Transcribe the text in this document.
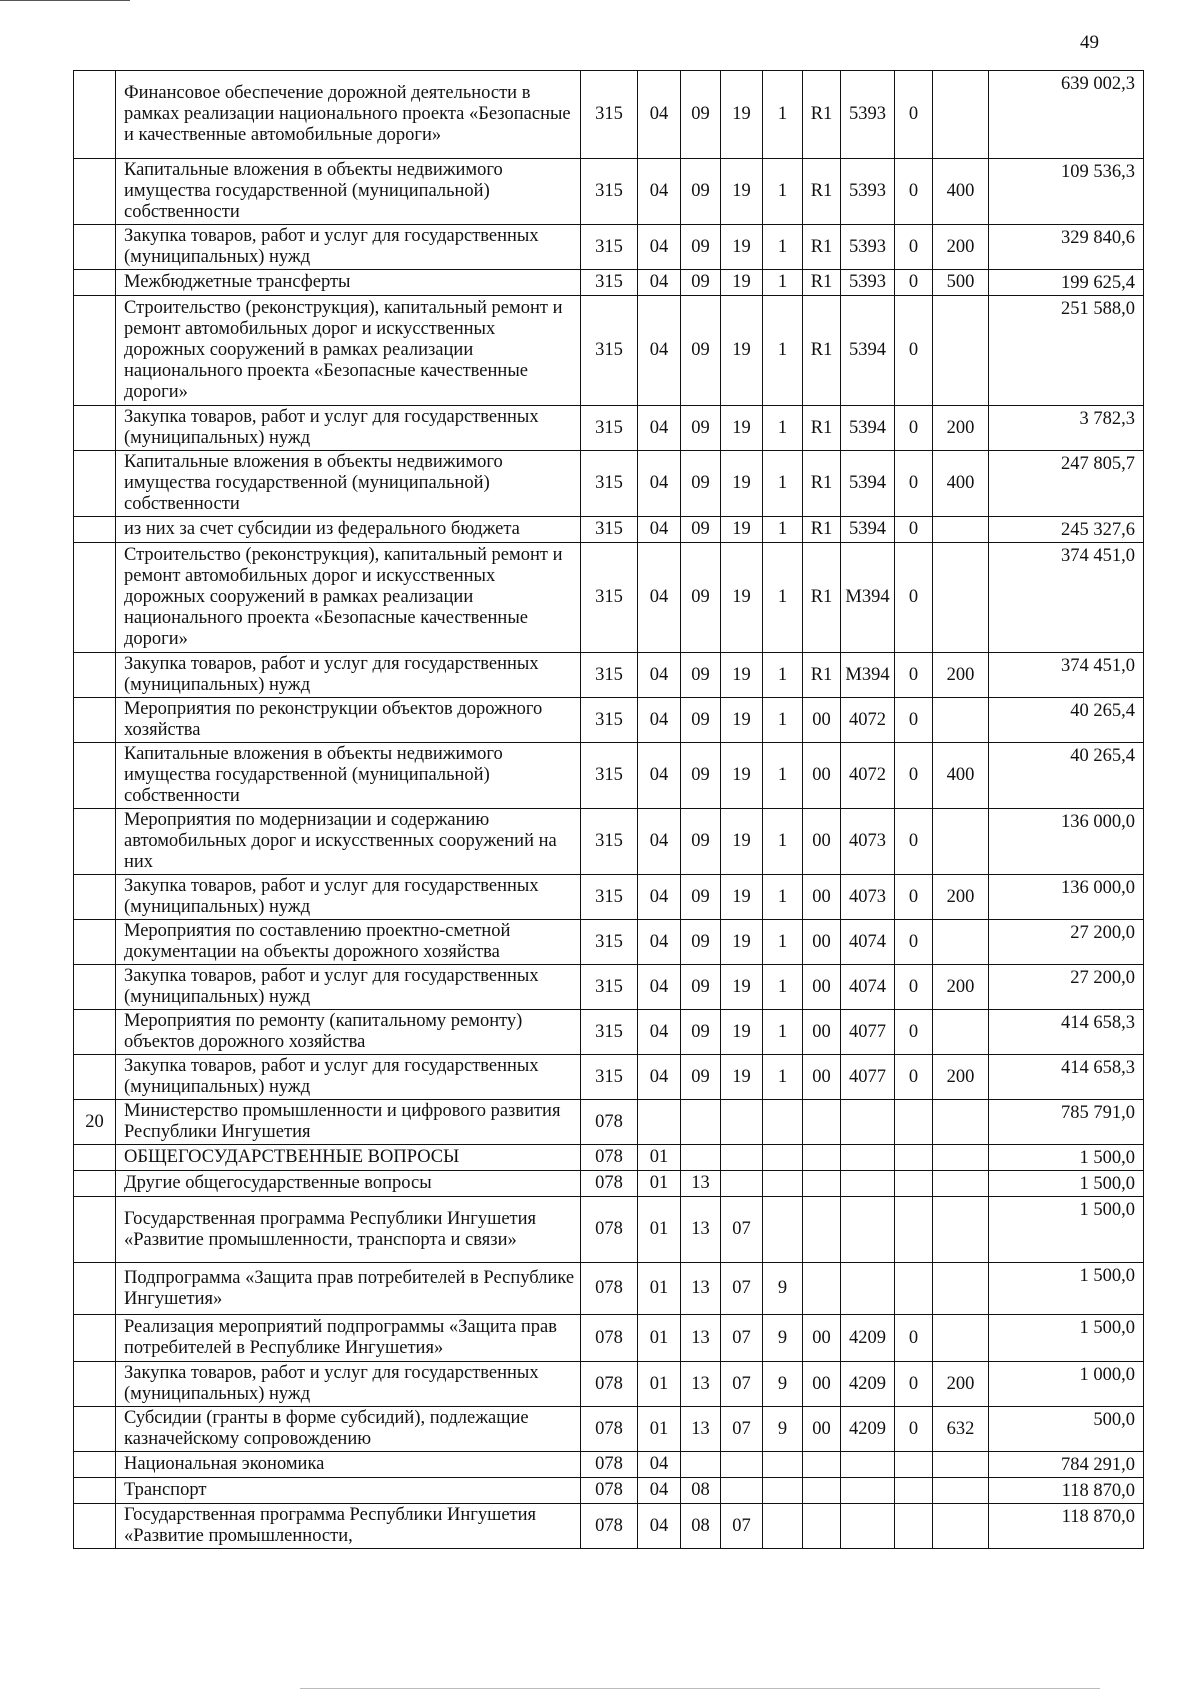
49
	Финансовое обеспечение дорожной деятельности в рамках реализации национального проекта «Безопасные и качественные автомобильные дороги»	315	04	09	19	1	R1	5393	0		639 002,3
	Капитальные вложения в объекты недвижимого имущества государственной (муниципальной) собственности	315	04	09	19	1	R1	5393	0	400	109 536,3
	Закупка товаров, работ и услуг для государственных (муниципальных) нужд	315	04	09	19	1	R1	5393	0	200	329 840,6
	Межбюджетные трансферты	315	04	09	19	1	R1	5393	0	500	199 625,4
	Строительство (реконструкция), капитальный ремонт и ремонт автомобильных дорог и искусственных дорожных сооружений в рамках реализации национального проекта «Безопасные качественные дороги»	315	04	09	19	1	R1	5394	0		251 588,0
	Закупка товаров, работ и услуг для государственных (муниципальных) нужд	315	04	09	19	1	R1	5394	0	200	3 782,3
	Капитальные вложения в объекты недвижимого имущества государственной (муниципальной) собственности	315	04	09	19	1	R1	5394	0	400	247 805,7
	из них за счет субсидии из федерального бюджета	315	04	09	19	1	R1	5394	0		245 327,6
	Строительство (реконструкция), капитальный ремонт и ремонт автомобильных дорог и искусственных дорожных сооружений в рамках реализации национального проекта «Безопасные качественные дороги»	315	04	09	19	1	R1	М394	0		374 451,0
	Закупка товаров, работ и услуг для государственных (муниципальных) нужд	315	04	09	19	1	R1	М394	0	200	374 451,0
	Мероприятия по реконструкции объектов дорожного хозяйства	315	04	09	19	1	00	4072	0		40 265,4
	Капитальные вложения в объекты недвижимого имущества государственной (муниципальной) собственности	315	04	09	19	1	00	4072	0	400	40 265,4
	Мероприятия по модернизации и содержанию автомобильных дорог и искусственных сооружений на них	315	04	09	19	1	00	4073	0		136 000,0
	Закупка товаров, работ и услуг для государственных (муниципальных) нужд	315	04	09	19	1	00	4073	0	200	136 000,0
	Мероприятия по составлению проектно-сметной документации на объекты дорожного хозяйства	315	04	09	19	1	00	4074	0		27 200,0
	Закупка товаров, работ и услуг для государственных (муниципальных) нужд	315	04	09	19	1	00	4074	0	200	27 200,0
	Мероприятия по ремонту (капитальному ремонту) объектов дорожного хозяйства	315	04	09	19	1	00	4077	0		414 658,3
	Закупка товаров, работ и услуг для государственных (муниципальных) нужд	315	04	09	19	1	00	4077	0	200	414 658,3
20	Министерство промышленности и цифрового развития Республики Ингушетия	078									785 791,0
	ОБЩЕГОСУДАРСТВЕННЫЕ ВОПРОСЫ	078	01								1 500,0
	Другие общегосударственные вопросы	078	01	13							1 500,0
	Государственная программа Республики Ингушетия «Развитие промышленности, транспорта и связи»	078	01	13	07						1 500,0
	Подпрограмма «Защита прав потребителей в Республике Ингушетия»	078	01	13	07	9					1 500,0
	Реализация мероприятий подпрограммы «Защита прав потребителей в Республике Ингушетия»	078	01	13	07	9	00	4209	0		1 500,0
	Закупка товаров, работ и услуг для государственных (муниципальных) нужд	078	01	13	07	9	00	4209	0	200	1 000,0
	Субсидии (гранты в форме субсидий), подлежащие казначейскому сопровождению	078	01	13	07	9	00	4209	0	632	500,0
	Национальная экономика	078	04								784 291,0
	Транспорт	078	04	08							118 870,0
	Государственная программа Республики Ингушетия «Развитие промышленности,	078	04	08	07						118 870,0
